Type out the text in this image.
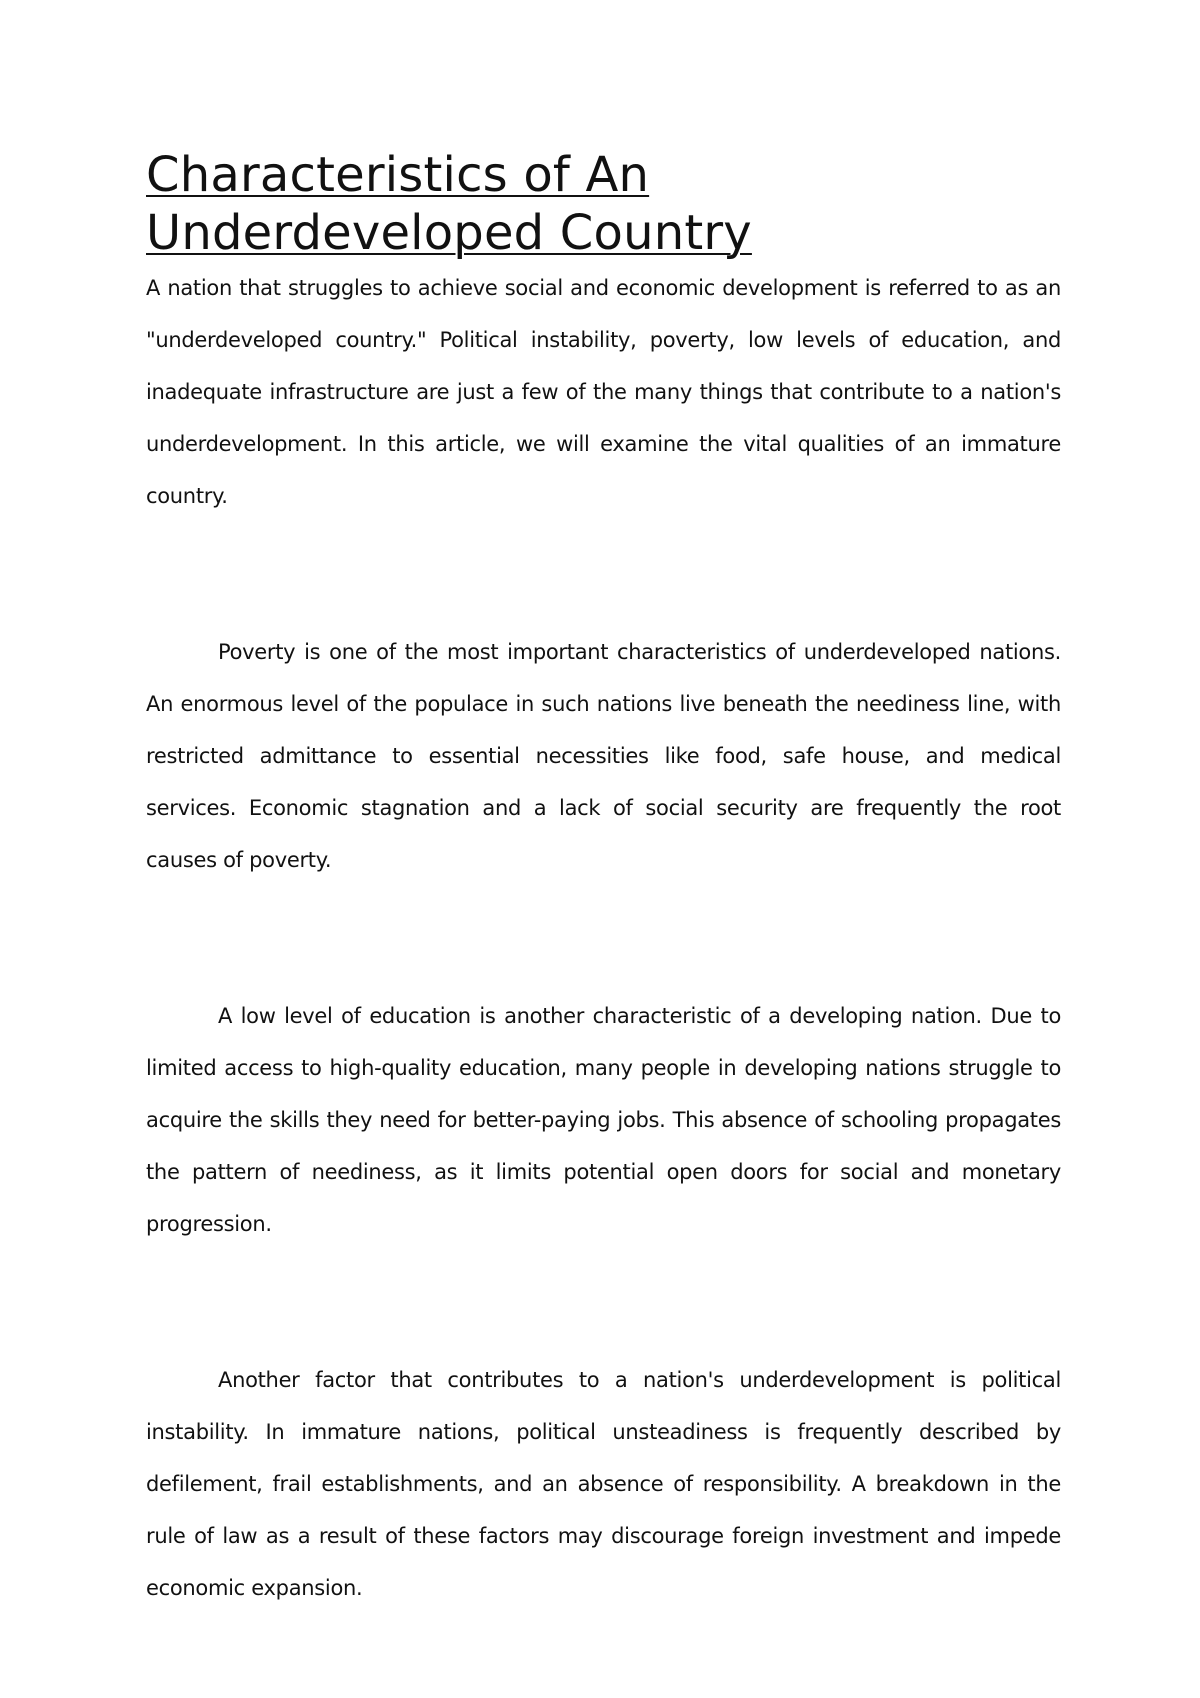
Characteristics of An Underdeveloped Country

A nation that struggles to achieve social and economic development is referred to as an "underdeveloped country." Political instability, poverty, low levels of education, and inadequate infrastructure are just a few of the many things that contribute to a nation's underdevelopment. In this article, we will examine the vital qualities of an immature country.

Poverty is one of the most important characteristics of underdeveloped nations. An enormous level of the populace in such nations live beneath the neediness line, with restricted admittance to essential necessities like food, safe house, and medical services. Economic stagnation and a lack of social security are frequently the root causes of poverty.

A low level of education is another characteristic of a developing nation. Due to limited access to high-quality education, many people in developing nations struggle to acquire the skills they need for better-paying jobs. This absence of schooling propagates the pattern of neediness, as it limits potential open doors for social and monetary progression.

Another factor that contributes to a nation's underdevelopment is political instability. In immature nations, political unsteadiness is frequently described by defilement, frail establishments, and an absence of responsibility. A breakdown in the rule of law as a result of these factors may discourage foreign investment and impede economic expansion.
